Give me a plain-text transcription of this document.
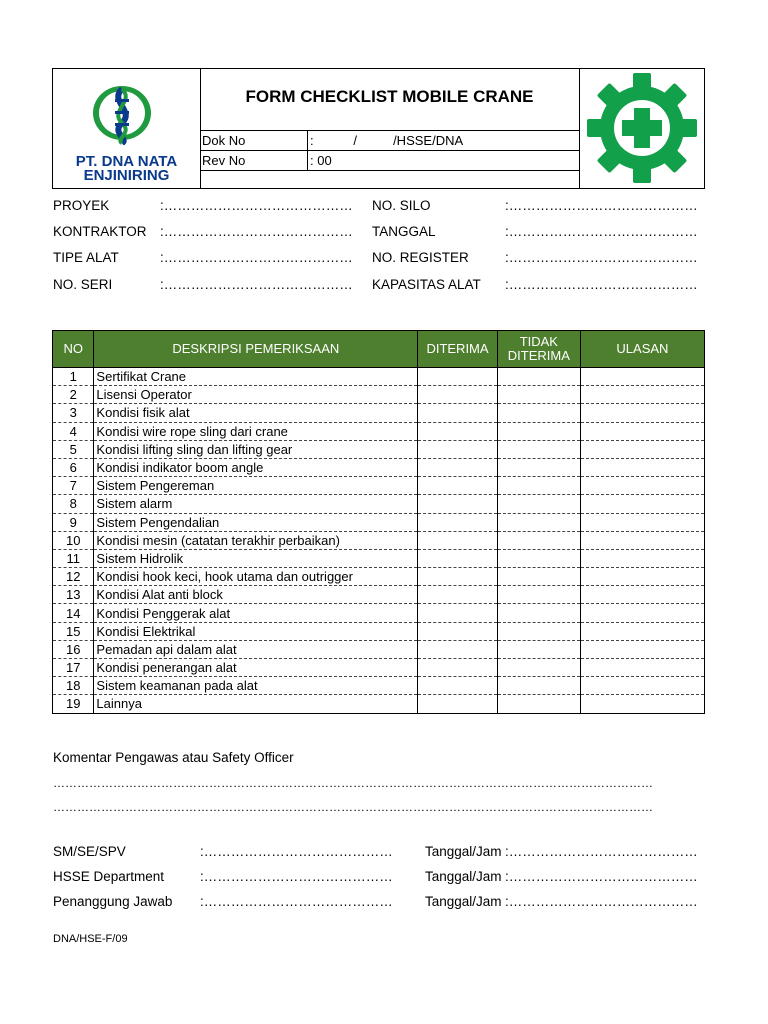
PT. DNA NATA
ENJINIRING
FORM CHECKLIST MOBILE CRANE
Dok No	:           /          /HSSE/DNA
Rev No	: 00
PROYEK	:……………………………………
KONTRAKTOR :……………………………………
TIPE ALAT	:……………………………………
NO. SERI	:……………………………………
NO. SILO	:……………………………………
TANGGAL	:……………………………………
NO. REGISTER	:……………………………………
KAPASITAS ALAT :……………………………………
NO	DESKRIPSI PEMERIKSAAN	DITERIMA	TIDAK DITERIMA	ULASAN
1	Sertifikat Crane			
2	Lisensi Operator			
3	Kondisi fisik alat			
4	Kondisi wire rope sling dari crane			
5	Kondisi lifting sling dan lifting gear			
6	Kondisi indikator boom angle			
7	Sistem Pengereman			
8	Sistem alarm			
9	Sistem Pengendalian			
10	Kondisi mesin (catatan terakhir perbaikan)			
11	Sistem Hidrolik			
12	Kondisi hook keci, hook utama dan outrigger			
13	Kondisi Alat anti block			
14	Kondisi Penggerak alat			
15	Kondisi Elektrikal			
16	Pemadan api dalam alat			
17	Kondisi penerangan alat			
18	Sistem keamanan pada alat			
19	Lainnya			
Komentar Pengawas atau Safety Officer
……………………………………………………………………………………………………………………………………
……………………………………………………………………………………………………………………………………
SM/SE/SPV	:…………………………………… Tanggal/Jam :……………………………………
HSSE Department	:…………………………………… Tanggal/Jam :……………………………………
Penanggung Jawab :…………………………………… Tanggal/Jam :……………………………………
DNA/HSE-F/09
